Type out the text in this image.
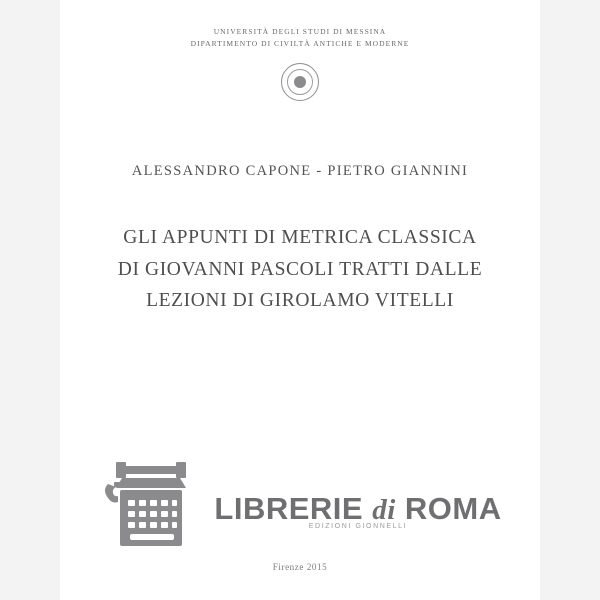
UNIVERSITÀ DEGLI STUDI DI MESSINA
DIPARTIMENTO DI CIVILTÀ ANTICHE E MODERNE
ALESSANDRO CAPONE - PIETRO GIANNINI
GLI APPUNTI DI METRICA CLASSICA
DI GIOVANNI PASCOLI TRATTI DALLE
LEZIONI DI GIROLAMO VITELLI
LIBRERIE di ROMA
EDIZIONI GIONNELLI
Firenze 2015
